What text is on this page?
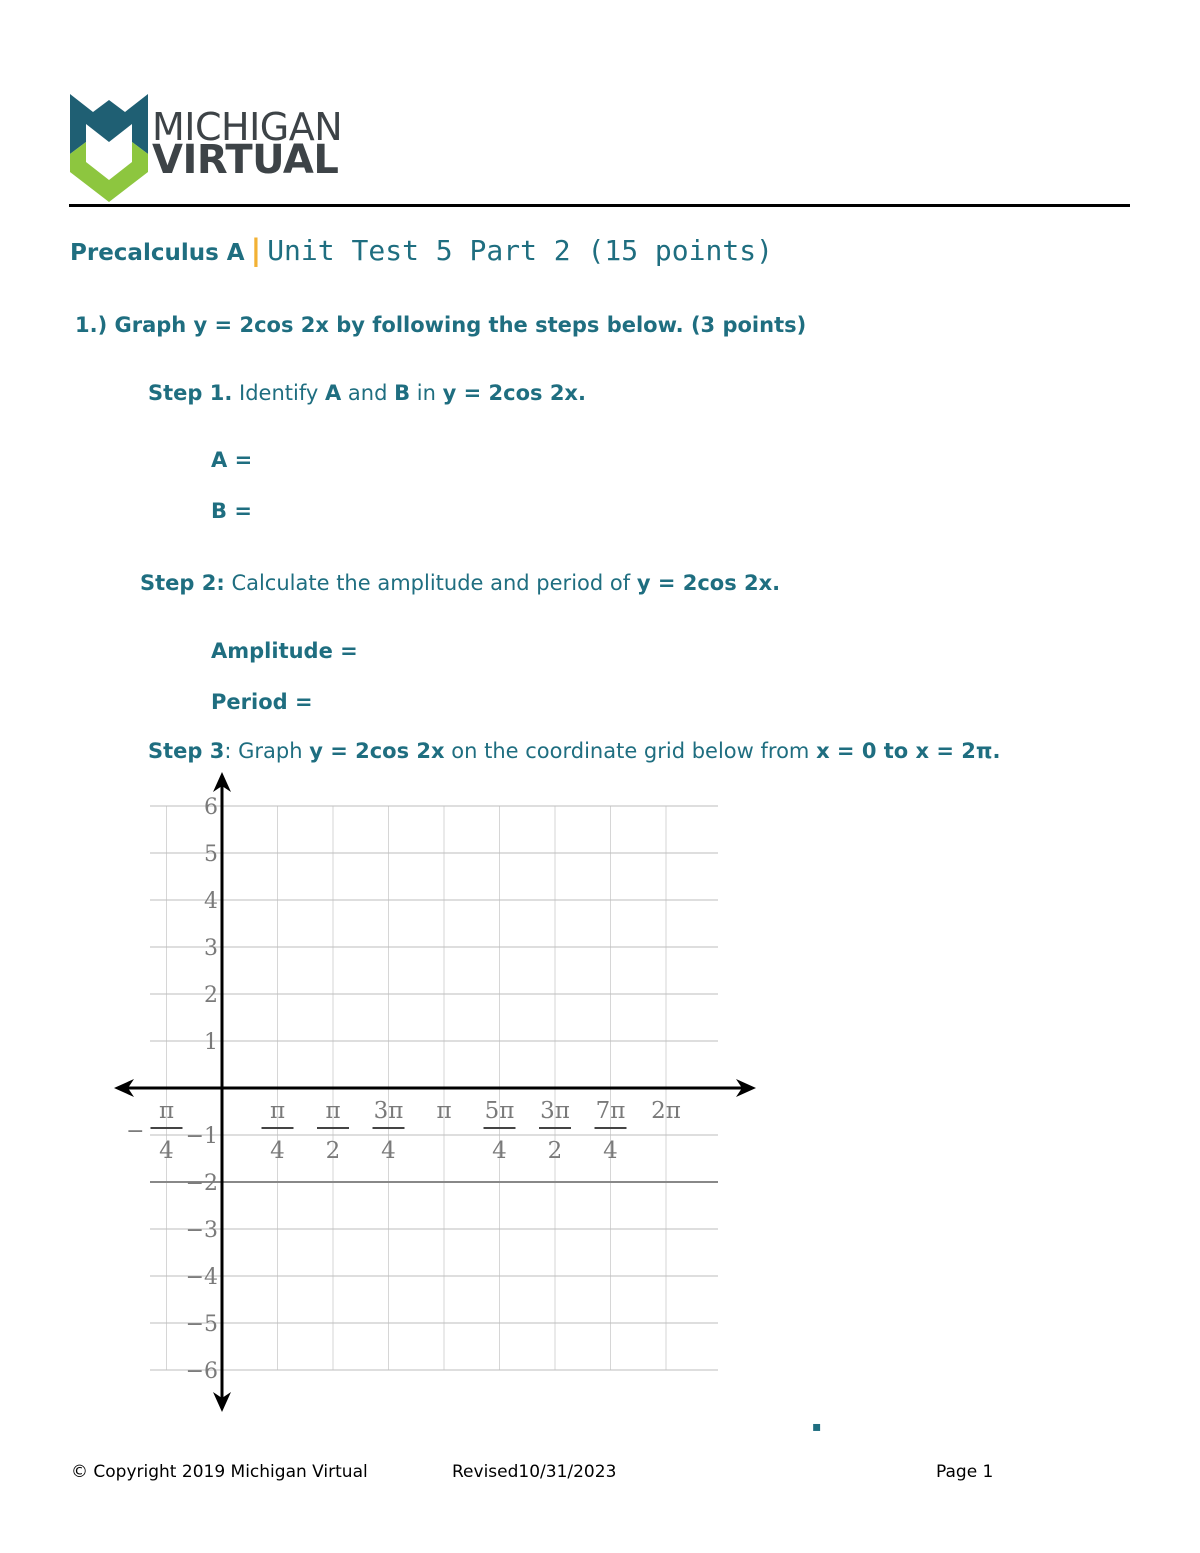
MICHIGAN
VIRTUAL
Precalculus A | Unit Test 5 Part 2 (15 points)
1.) Graph y = 2cos 2x by following the steps below. (3 points)
Step 1. Identify A and B in y = 2cos 2x.
A =
B =
Step 2: Calculate the amplitude and period of y = 2cos 2x.
Amplitude =
Period =
Step 3: Graph y = 2cos 2x on the coordinate grid below from x = 0 to x = 2π.
6
5
4
3
2
1
−1
−2
−3
−4
−5
−6
π
4
−
π
4
π
2
3π
4
π 5π
4
3π
2
7π
4
2π
▪
© Copyright 2019 Michigan Virtual	Revised10/31/2023	Page 1
